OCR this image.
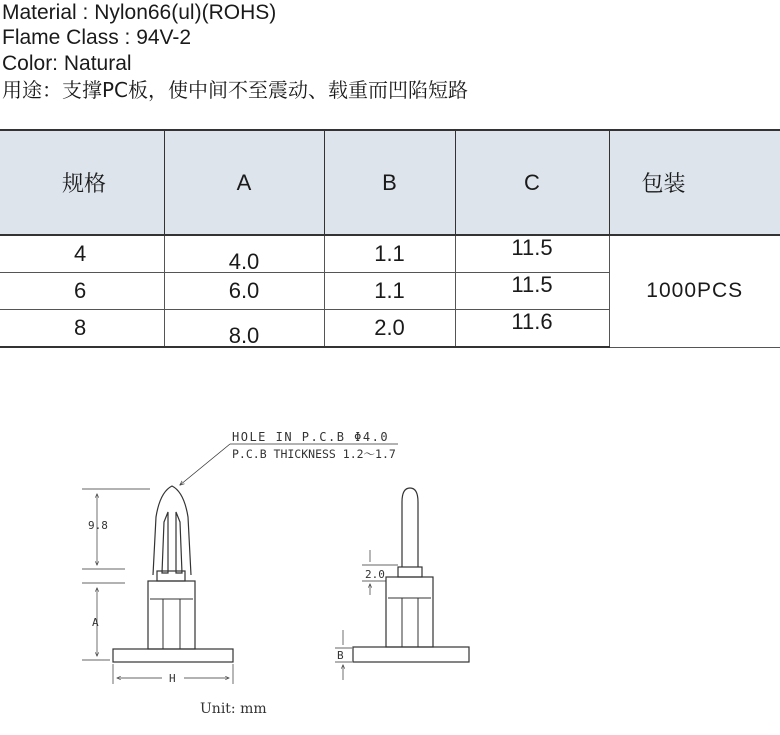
Material : Nylon66(ul)(ROHS)
Flame Class : 94V-2
Color: Natural
用途：支撑PC板，使中间不至震动、载重而凹陷短路
规格	A	B	C	包装
4	4.0	1.1	11.5	1000PCS
6	6.0	1.1	11.5	
8	8.0	2.0	11.6	
HOLE IN P.C.B Φ4.0
P.C.B THICKNESS 1.2～1.7
9.8
A
H
2.0
B
Unit: mm
